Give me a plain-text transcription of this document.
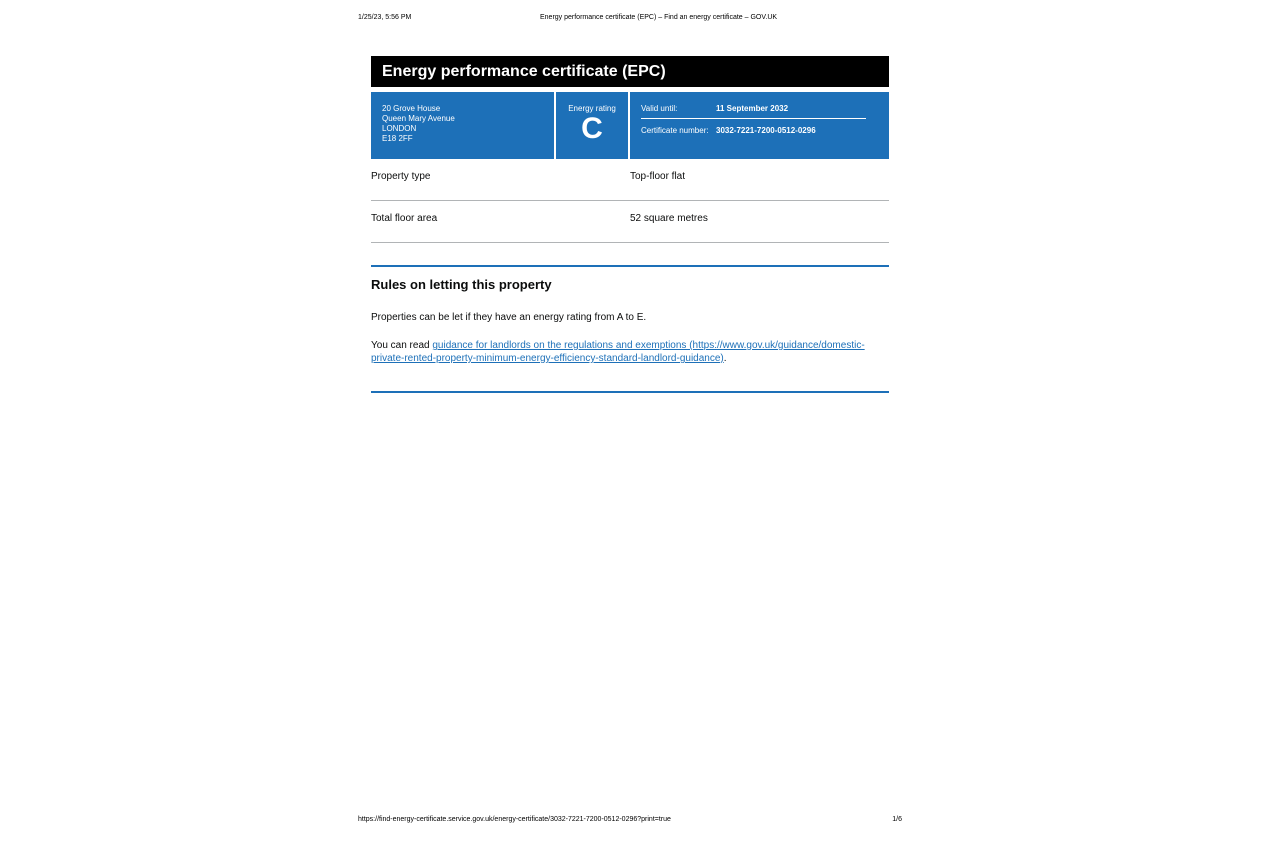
1/25/23, 5:56 PM	Energy performance certificate (EPC) – Find an energy certificate – GOV.UK
Energy performance certificate (EPC)
20 Grove House
Queen Mary Avenue
LONDON
E18 2FF
Energy rating
C
Valid until:	11 September 2032
Certificate number: 3032-7221-7200-0512-0296
Property type	Top-floor flat
Total floor area	52 square metres
Rules on letting this property

Properties can be let if they have an energy rating from A to E.

You can read guidance for landlords on the regulations and exemptions (https://www.gov.uk/guidance/domestic-private-rented-property-minimum-energy-efficiency-standard-landlord-guidance).

https://find-energy-certificate.service.gov.uk/energy-certificate/3032-7221-7200-0512-0296?print=true	1/6
